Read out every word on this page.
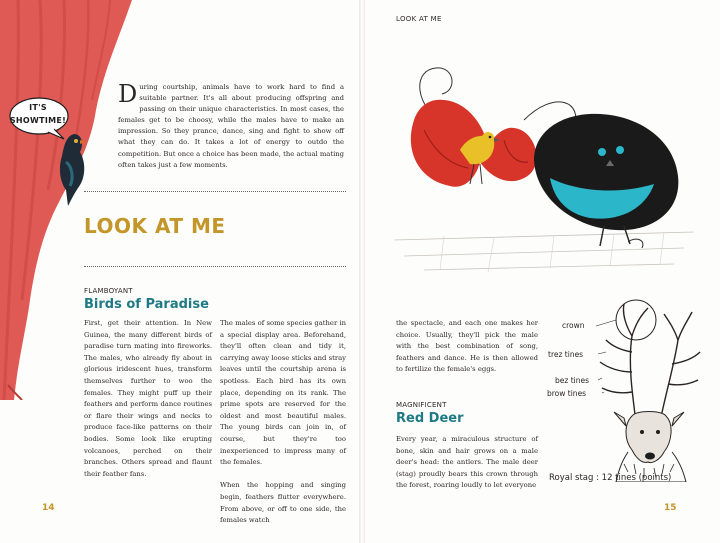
IT'S
SHOWTIME!
During courtship, animals have to work hard to find a suitable partner. It's all about producing offspring and passing on their unique characteristics. In most cases, the females get to be choosy, while the males have to make an impression. So they prance, dance, sing and fight to show off what they can do. It takes a lot of energy to outdo the competition. But once a choice has been made, the actual mating often takes just a few moments.
LOOK AT ME
FLAMBOYANT
Birds of Paradise

First, get their attention. In New Guinea, the many different birds of paradise turn mating into fireworks. The males, who already fly about in glorious iridescent hues, transform themselves further to woo the females. They might puff up their feathers and perform dance routines or flare their wings and necks to produce face-like patterns on their bodies. Some look like erupting volcanoes, perched on their branches. Others spread and flaunt their feather fans.

The males of some species gather in a special display area. Beforehand, they'll often clean and tidy it, carrying away loose sticks and stray leaves until the courtship arena is spotless. Each bird has its own place, depending on its rank. The prime spots are reserved for the oldest and most beautiful males. The young birds can join in, of course, but they're too inexperienced to impress many of the females.

When the hopping and singing begin, feathers flutter everywhere. From above, or off to one side, the females watch

14
LOOK AT ME

the spectacle, and each one makes her choice. Usually, they'll pick the male with the best combination of song, feathers and dance. He is then allowed to fertilize the female's eggs.

MAGNIFICENT
Red Deer

Every year, a miraculous structure of bone, skin and hair grows on a male deer's head: the antlers. The male deer (stag) proudly bears this crown through the forest, roaring loudly to let everyone

crown
trez tines
bez tines
brow tines
Royal stag : 12 tines (points)
15
